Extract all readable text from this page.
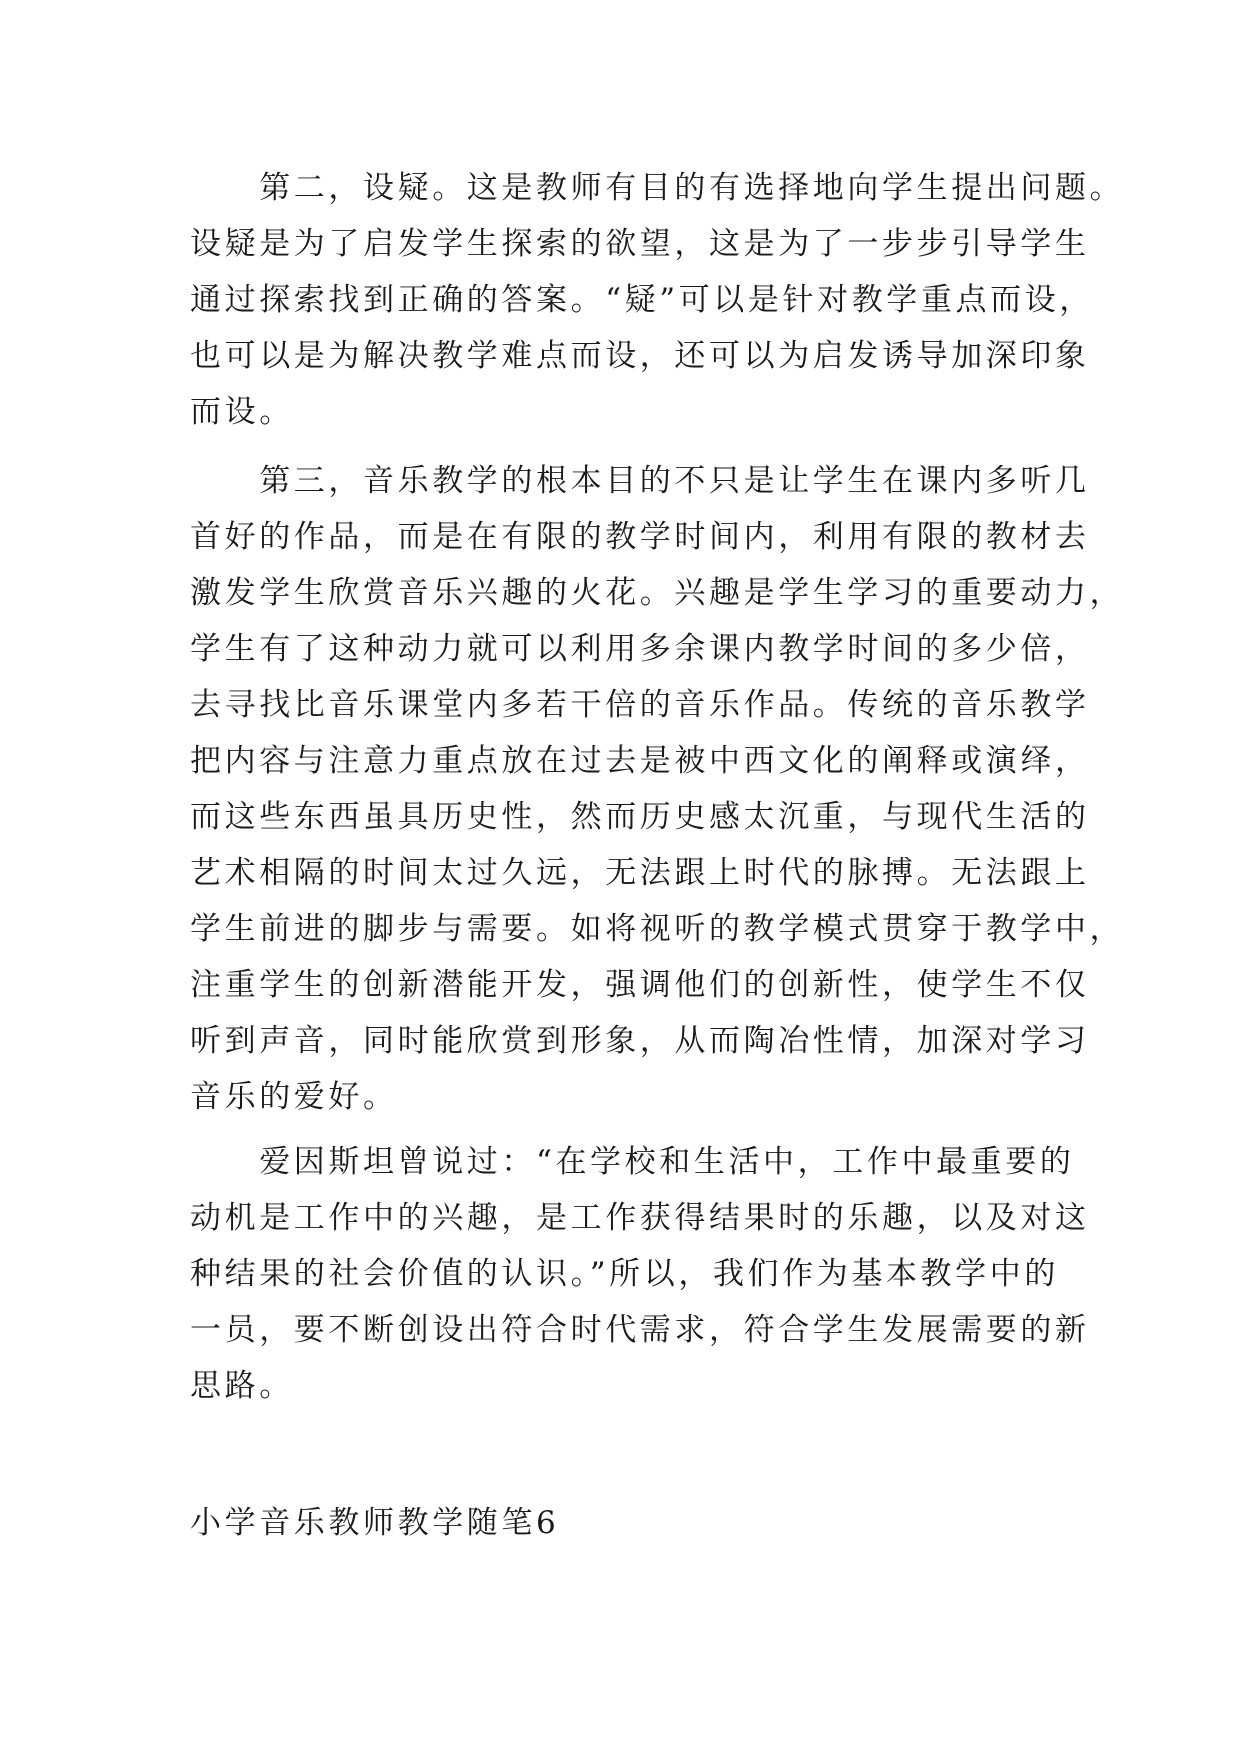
　　第二，设疑。这是教师有目的有选择地向学生提出问题。
设疑是为了启发学生探索的欲望，这是为了一步步引导学生
通过探索找到正确的答案。“疑”可以是针对教学重点而设，
也可以是为解决教学难点而设，还可以为启发诱导加深印象
而设。
　　第三，音乐教学的根本目的不只是让学生在课内多听几
首好的作品，而是在有限的教学时间内，利用有限的教材去
激发学生欣赏音乐兴趣的火花。兴趣是学生学习的重要动力，
学生有了这种动力就可以利用多余课内教学时间的多少倍，
去寻找比音乐课堂内多若干倍的音乐作品。传统的音乐教学
把内容与注意力重点放在过去是被中西文化的阐释或演绎，
而这些东西虽具历史性，然而历史感太沉重，与现代生活的
艺术相隔的时间太过久远，无法跟上时代的脉搏。无法跟上
学生前进的脚步与需要。如将视听的教学模式贯穿于教学中，
注重学生的创新潜能开发，强调他们的创新性，使学生不仅
听到声音，同时能欣赏到形象，从而陶冶性情，加深对学习
音乐的爱好。
　　爱因斯坦曾说过：“在学校和生活中，工作中最重要的
动机是工作中的兴趣，是工作获得结果时的乐趣，以及对这
种结果的社会价值的认识。”所以，我们作为基本教学中的
一员，要不断创设出符合时代需求，符合学生发展需要的新
思路。
小学音乐教师教学随笔6
